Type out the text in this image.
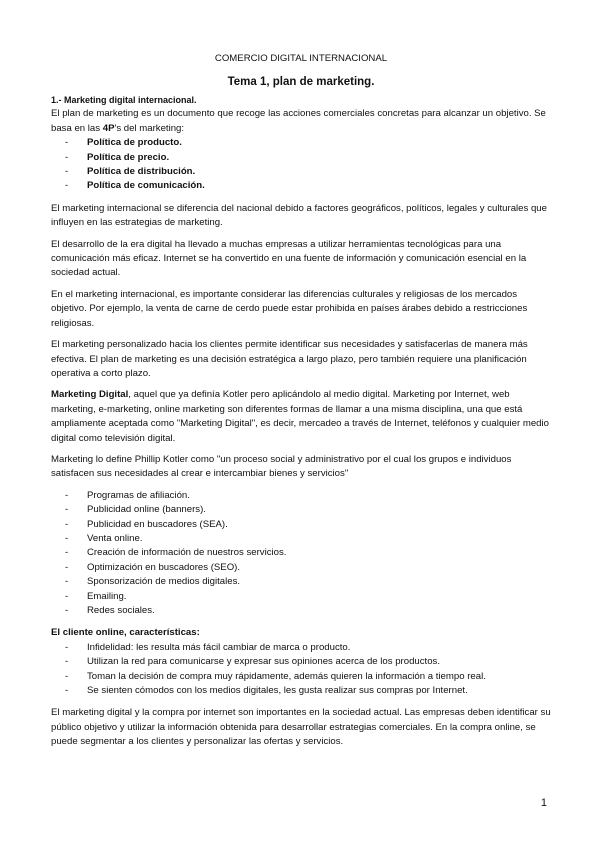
COMERCIO DIGITAL INTERNACIONAL
Tema 1, plan de marketing.
1.- Marketing digital internacional.

El plan de marketing es un documento que recoge las acciones comerciales concretas para alcanzar un objetivo. Se basa en las 4P's del marketing:

- Política de producto.
- Política de precio.
- Política de distribución.
- Política de comunicación.

El marketing internacional se diferencia del nacional debido a factores geográficos, políticos, legales y culturales que influyen en las estrategias de marketing.

El desarrollo de la era digital ha llevado a muchas empresas a utilizar herramientas tecnológicas para una comunicación más eficaz. Internet se ha convertido en una fuente de información y comunicación esencial en la sociedad actual.

En el marketing internacional, es importante considerar las diferencias culturales y religiosas de los mercados objetivo. Por ejemplo, la venta de carne de cerdo puede estar prohibida en países árabes debido a restricciones religiosas.

El marketing personalizado hacia los clientes permite identificar sus necesidades y satisfacerlas de manera más efectiva. El plan de marketing es una decisión estratégica a largo plazo, pero también requiere una planificación operativa a corto plazo.

Marketing Digital, aquel que ya definía Kotler pero aplicándolo al medio digital. Marketing por Internet, web marketing, e-marketing, online marketing son diferentes formas de llamar a una misma disciplina, una que está ampliamente aceptada como "Marketing Digital", es decir, mercadeo a través de Internet, teléfonos y cualquier medio digital como televisión digital.

Marketing lo define Phillip Kotler como "un proceso social y administrativo por el cual los grupos e individuos satisfacen sus necesidades al crear e intercambiar bienes y servicios"

- Programas de afiliación.
- Publicidad online (banners).
- Publicidad en buscadores (SEA).
- Venta online.
- Creación de información de nuestros servicios.
- Optimización en buscadores (SEO).
- Sponsorización de medios digitales.
- Emailing.
- Redes sociales.
El cliente online, características:
- Infidelidad: les resulta más fácil cambiar de marca o producto.
- Utilizan la red para comunicarse y expresar sus opiniones acerca de los productos.
- Toman la decisión de compra muy rápidamente, además quieren la información a tiempo real.
- Se sienten cómodos con los medios digitales, les gusta realizar sus compras por Internet.

El marketing digital y la compra por internet son importantes en la sociedad actual. Las empresas deben identificar su público objetivo y utilizar la información obtenida para desarrollar estrategias comerciales. En la compra online, se puede segmentar a los clientes y personalizar las ofertas y servicios.

1
